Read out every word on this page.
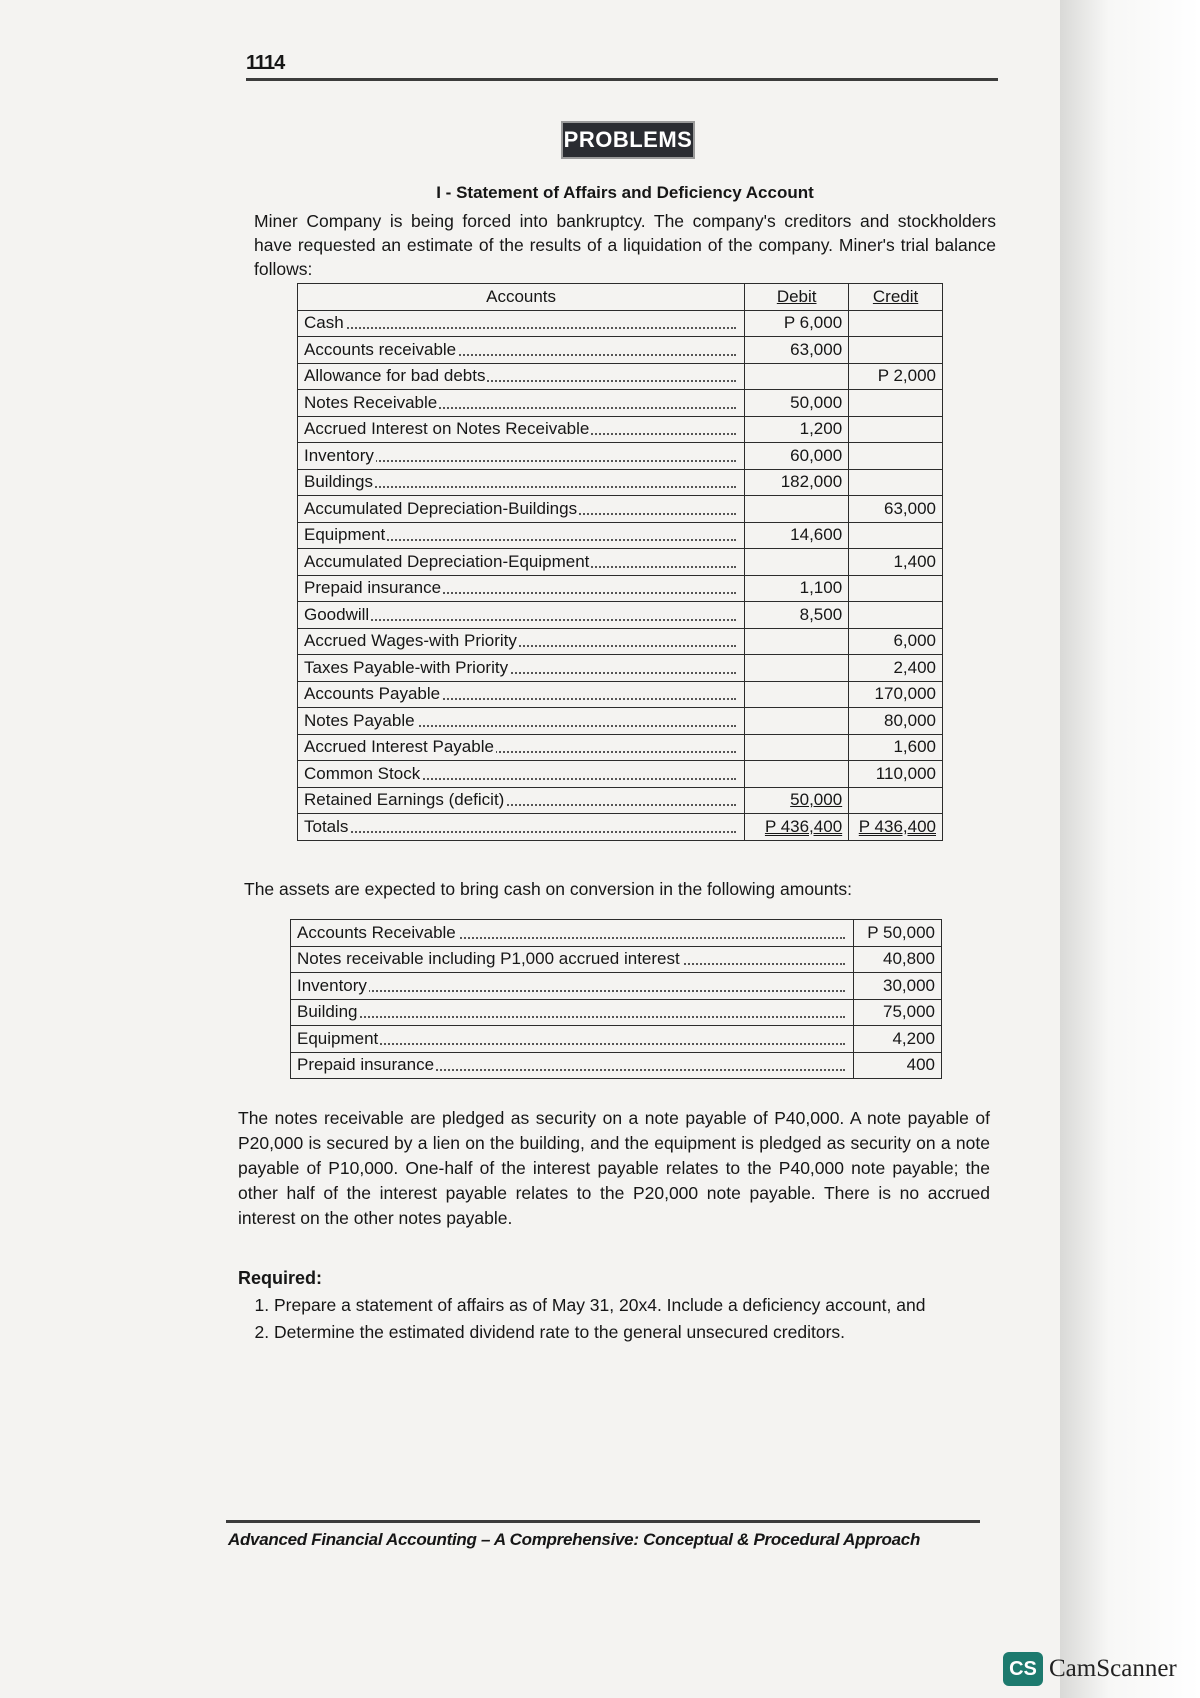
1114
PROBLEMS
I - Statement of Affairs and Deficiency Account
Miner Company is being forced into bankruptcy. The company's creditors and stockholders have requested an estimate of the results of a liquidation of the company. Miner's trial balance follows:
Accounts	Debit	Credit
Cash	P 6,000	
Accounts receivable	63,000	
Allowance for bad debts		P 2,000
Notes Receivable	50,000	
Accrued Interest on Notes Receivable	1,200	
Inventory	60,000	
Buildings	182,000	
Accumulated Depreciation-Buildings		63,000
Equipment	14,600	
Accumulated Depreciation-Equipment		1,400
Prepaid insurance	1,100	
Goodwill	8,500	
Accrued Wages-with Priority		6,000
Taxes Payable-with Priority		2,400
Accounts Payable		170,000
Notes Payable		80,000
Accrued Interest Payable		1,600
Common Stock		110,000
Retained Earnings (deficit)	50,000	
Totals	P 436,400	P 436,400
The assets are expected to bring cash on conversion in the following amounts:
Accounts Receivable	P 50,000
Notes receivable including P1,000 accrued interest	40,800
Inventory	30,000
Building	75,000
Equipment	4,200
Prepaid insurance	400
The notes receivable are pledged as security on a note payable of P40,000. A note payable of P20,000 is secured by a lien on the building, and the equipment is pledged as security on a note payable of P10,000. One-half of the interest payable relates to the P40,000 note payable; the other half of the interest payable relates to the P20,000 note payable. There is no accrued interest on the other notes payable.
Required:
1. Prepare a statement of affairs as of May 31, 20x4. Include a deficiency account, and
2. Determine the estimated dividend rate to the general unsecured creditors.
Advanced Financial Accounting – A Comprehensive: Conceptual & Procedural Approach
CS CamScanner
